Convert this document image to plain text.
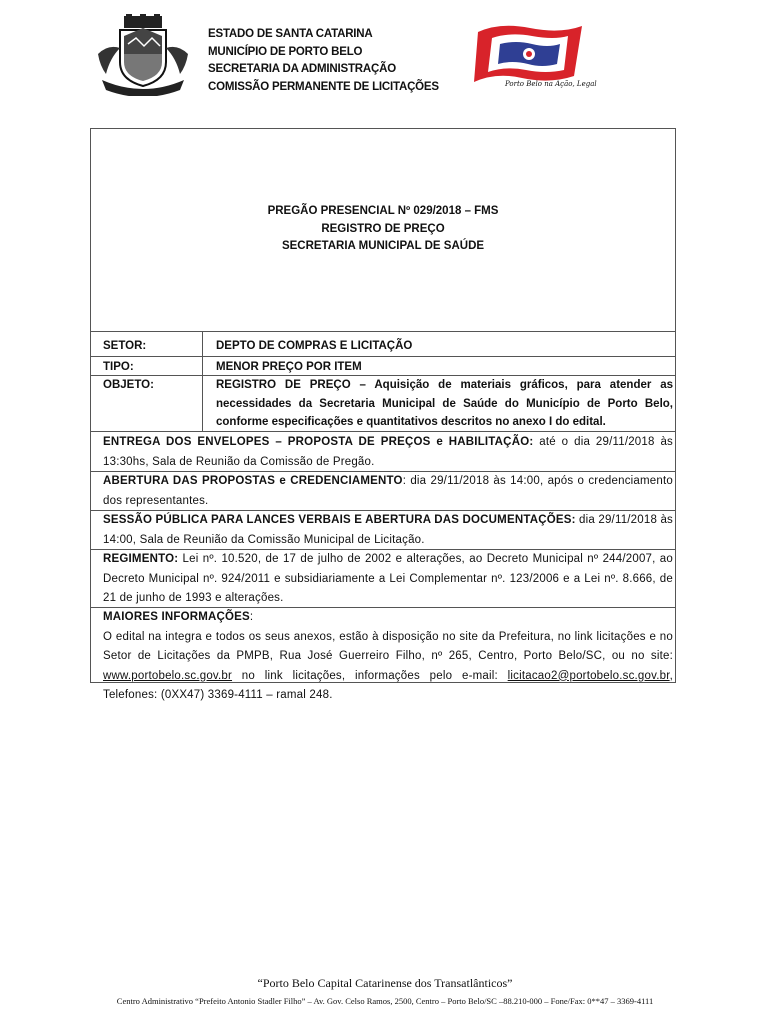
ESTADO DE SANTA CATARINA
MUNICÍPIO DE PORTO BELO
SECRETARIA DA ADMINISTRAÇÃO
COMISSÃO PERMANENTE DE LICITAÇÕES	Porto Belo na Ação, Legal
PREGÃO PRESENCIAL Nº 029/2018 – FMS
REGISTRO DE PREÇO
SECRETARIA MUNICIPAL DE SAÚDE
SETOR:	DEPTO DE COMPRAS E LICITAÇÃO
TIPO:	MENOR PREÇO POR ITEM
OBJETO:	REGISTRO DE PREÇO – Aquisição de materiais gráficos, para atender as necessidades da Secretaria Municipal de Saúde do Município de Porto Belo, conforme especificações e quantitativos descritos no anexo I do edital.
ENTREGA DOS ENVELOPES – PROPOSTA DE PREÇOS e HABILITAÇÃO: até o dia 29/11/2018 às 13:30hs, Sala de Reunião da Comissão de Pregão.
ABERTURA DAS PROPOSTAS e CREDENCIAMENTO: dia 29/11/2018 às 14:00, após o credenciamento dos representantes.
SESSÃO PÚBLICA PARA LANCES VERBAIS E ABERTURA DAS DOCUMENTAÇÕES: dia 29/11/2018 às 14:00, Sala de Reunião da Comissão Municipal de Licitação.
REGIMENTO: Lei nº. 10.520, de 17 de julho de 2002 e alterações, ao Decreto Municipal nº 244/2007, ao Decreto Municipal nº. 924/2011 e subsidiariamente a Lei Complementar nº. 123/2006 e a Lei nº. 8.666, de 21 de junho de 1993 e alterações.
MAIORES INFORMAÇÕES:
O edital na integra e todos os seus anexos, estão à disposição no site da Prefeitura, no link licitações e no Setor de Licitações da PMPB, Rua José Guerreiro Filho, nº 265, Centro, Porto Belo/SC, ou no site: www.portobelo.sc.gov.br no link licitações, informações pelo e-mail: licitacao2@portobelo.sc.gov.br, Telefones: (0XX47) 3369-4111 – ramal 248.
“Porto Belo Capital Catarinense dos Transatlânticos”
Centro Administrativo “Prefeito Antonio Stadler Filho” – Av. Gov. Celso Ramos, 2500, Centro – Porto Belo/SC –88.210-000 – Fone/Fax: 0**47 – 3369-4111
